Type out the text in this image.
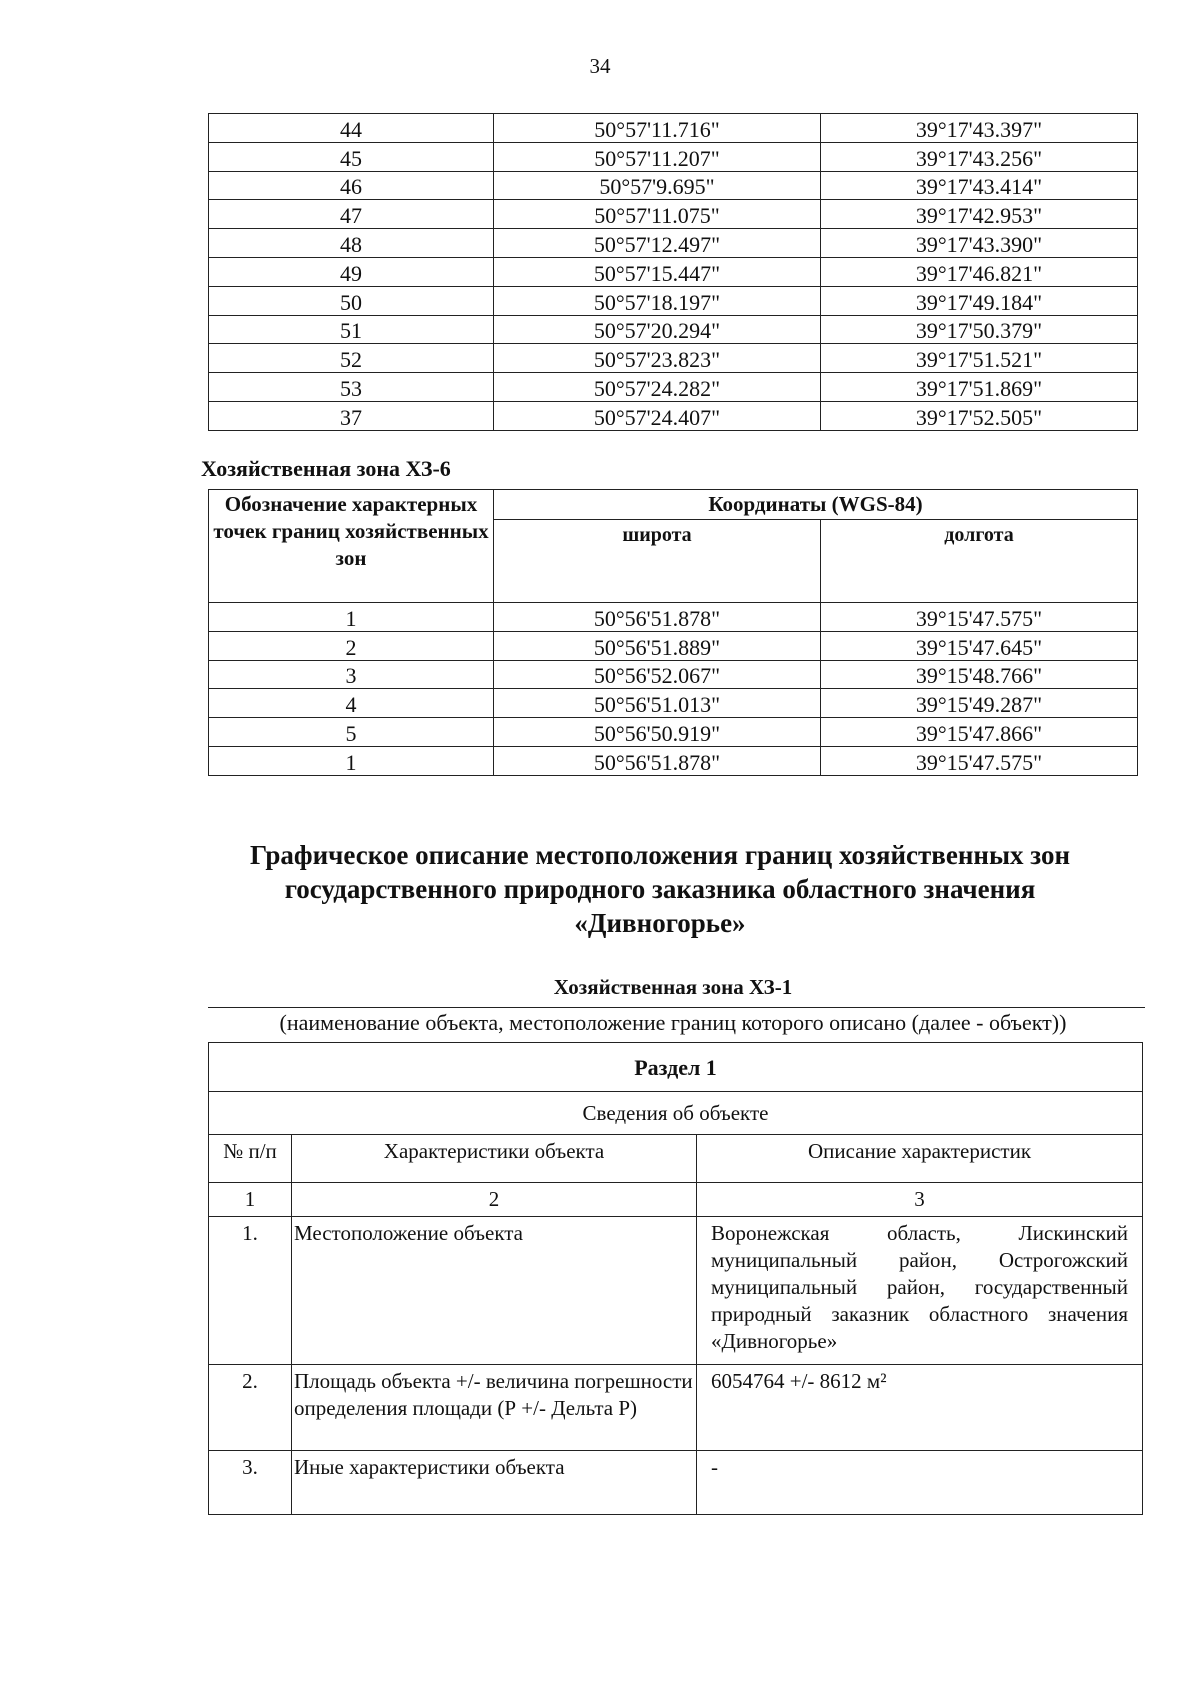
34
44	50°57'11.716"	39°17'43.397"
45	50°57'11.207"	39°17'43.256"
46	50°57'9.695"	39°17'43.414"
47	50°57'11.075"	39°17'42.953"
48	50°57'12.497"	39°17'43.390"
49	50°57'15.447"	39°17'46.821"
50	50°57'18.197"	39°17'49.184"
51	50°57'20.294"	39°17'50.379"
52	50°57'23.823"	39°17'51.521"
53	50°57'24.282"	39°17'51.869"
37	50°57'24.407"	39°17'52.505"
Хозяйственная зона ХЗ-6
Обозначение характерных точек границ хозяйственных зон	Координаты (WGS-84)	
	широта	долгота
1	50°56'51.878"	39°15'47.575"
2	50°56'51.889"	39°15'47.645"
3	50°56'52.067"	39°15'48.766"
4	50°56'51.013"	39°15'49.287"
5	50°56'50.919"	39°15'47.866"
1	50°56'51.878"	39°15'47.575"
Графическое описание местоположения границ хозяйственных зон государственного природного заказника областного значения «Дивногорье»
Хозяйственная зона ХЗ-1
(наименование объекта, местоположение границ которого описано (далее - объект))
Раздел 1		
Сведения об объекте		
№ п/п	Характеристики объекта	Описание характеристик
1	2	3
1.	Местоположение объекта	Воронежская область, Лискинский муниципальный район, Острогожский муниципальный район, государственный природный заказник областного значения «Дивногорье»
2.	Площадь объекта +/- величина погрешности определения площади (Р +/- Дельта Р)	6054764 +/- 8612 м²
3.	Иные характеристики объекта	-
